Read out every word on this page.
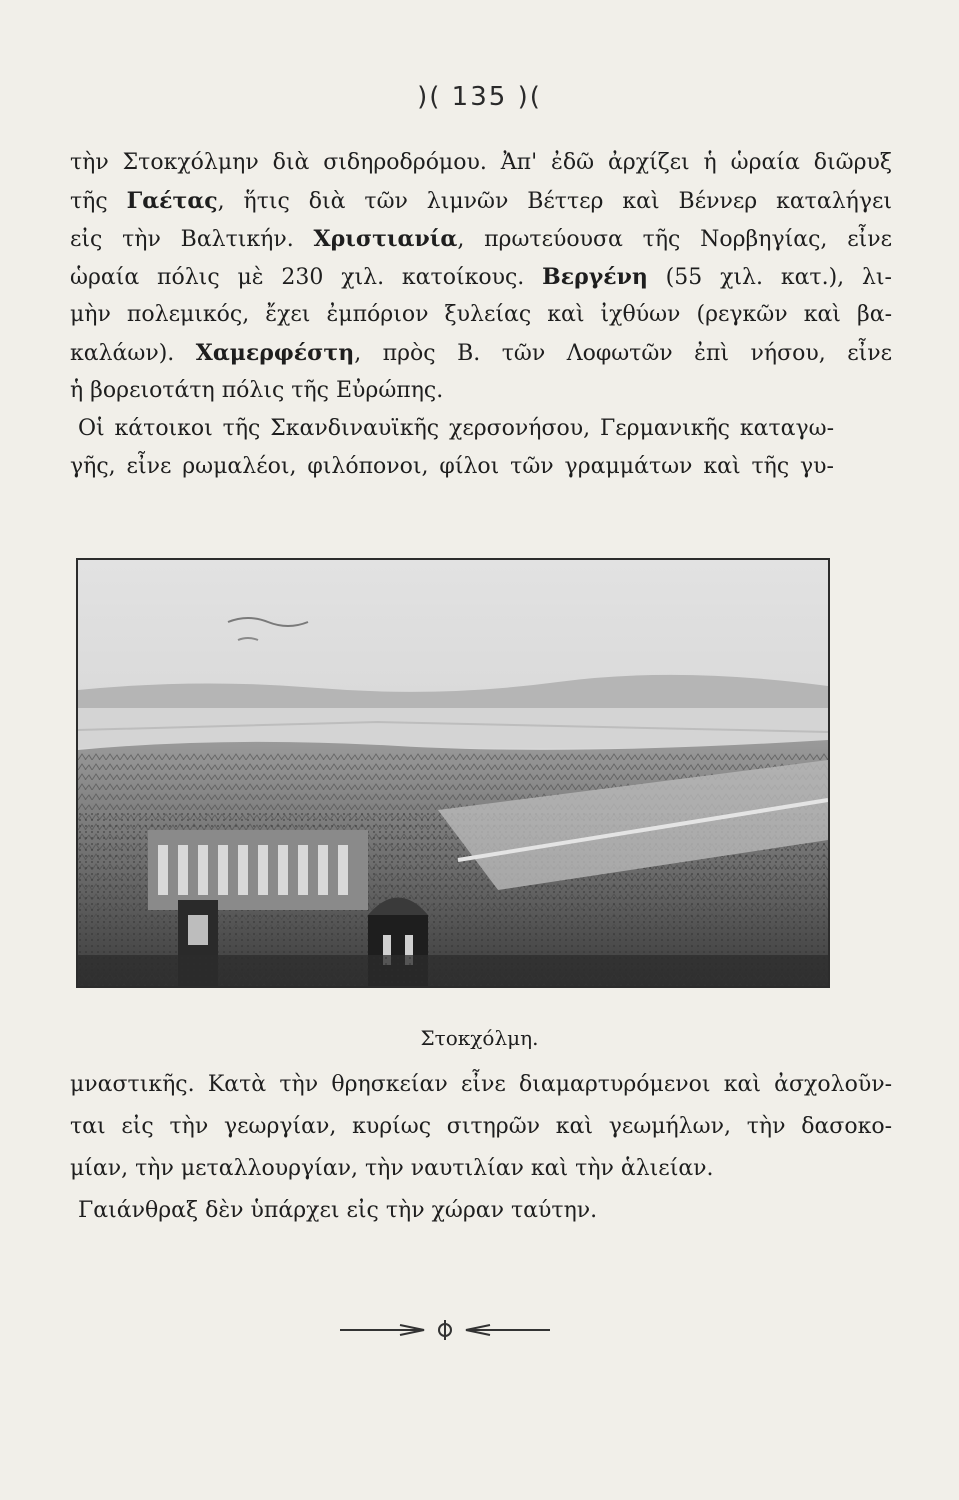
)( 135 )(
τὴν Στοκχόλμην διὰ σιδηροδρόμου. Ἀπ' ἐδῶ ἀρχίζει ἡ ὡραία διῶρυξ
τῆς Γαέτας, ἥτις διὰ τῶν λιμνῶν Βέττερ καὶ Βέννερ καταλήγει
εἰς τὴν Βαλτικήν. Χριστιανία, πρωτεύουσα τῆς Νορβηγίας, εἶνε
ὡραία πόλις μὲ 230 χιλ. κατοίκους. Βεργένη (55 χιλ. κατ.), λι-
μὴν πολεμικός, ἔχει ἐμπόριον ξυλείας καὶ ἰχθύων (ρεγκῶν καὶ βα-
καλάων). Χαμερφέστη, πρὸς Β. τῶν Λοφωτῶν ἐπὶ νήσου, εἶνε
ἡ βορειοτάτη πόλις τῆς Εὐρώπης.
Οἱ κάτοικοι τῆς Σκανδιναυϊκῆς χερσονήσου, Γερμανικῆς καταγω-
γῆς, εἶνε ρωμαλέοι, φιλόπονοι, φίλοι τῶν γραμμάτων καὶ τῆς γυ-
Στοκχόλμη.
μναστικῆς. Κατὰ τὴν θρησκείαν εἶνε διαμαρτυρόμενοι καὶ ἀσχολοῦν-
ται εἰς τὴν γεωργίαν, κυρίως σιτηρῶν καὶ γεωμήλων, τὴν δασοκο-
μίαν, τὴν μεταλλουργίαν, τὴν ναυτιλίαν καὶ τὴν ἁλιείαν.
Γαιάνθραξ δὲν ὑπάρχει εἰς τὴν χώραν ταύτην.
